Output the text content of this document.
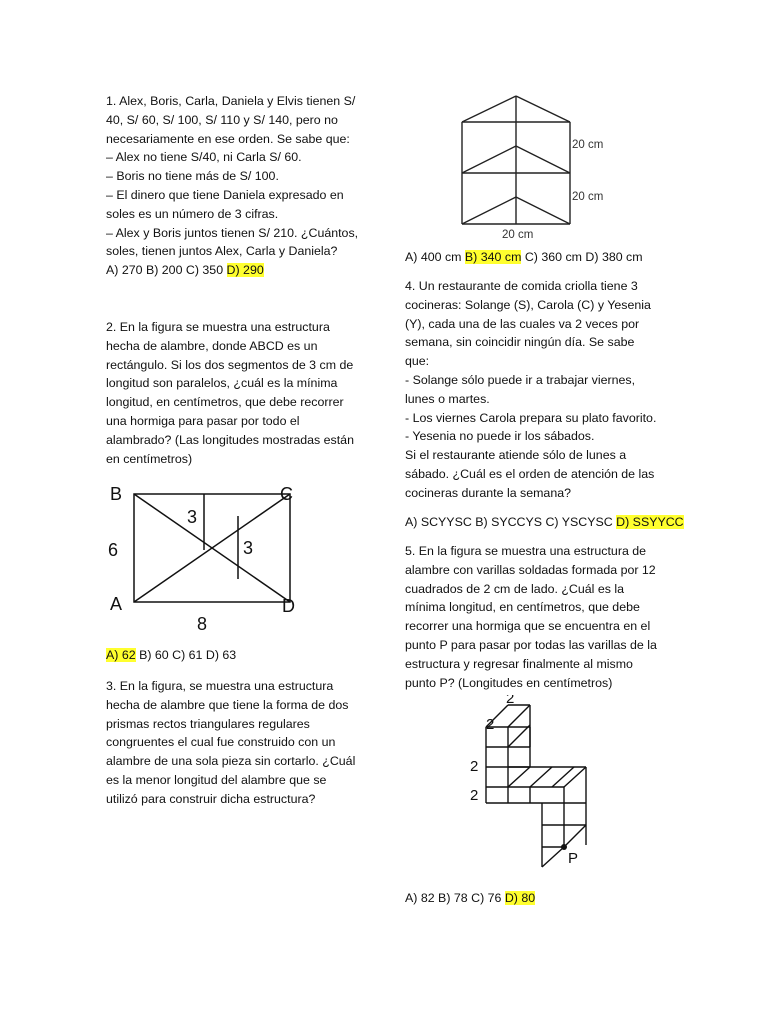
1. Alex, Boris, Carla, Daniela y Elvis tienen S/

40, S/ 60, S/ 100, S/ 110 y S/ 140, pero no

necesariamente en ese orden. Se sabe que:

– Alex no tiene S/40, ni Carla S/ 60.

– Boris no tiene más de S/ 100.

– El dinero que tiene Daniela expresado en

soles es un número de 3 cifras.

– Alex y Boris juntos tienen S/ 210. ¿Cuántos,

soles, tienen juntos Alex, Carla y Daniela?

A) 270 B) 200 C) 350 D) 290

2. En la figura se muestra una estructura

hecha de alambre, donde ABCD es un

rectángulo. Si los dos segmentos de 3 cm de

longitud son paralelos, ¿cuál es la mínima

longitud, en centímetros, que debe recorrer

una hormiga para pasar por todo el

alambrado? (Las longitudes mostradas están

en centímetros)

B	C
A	D
3
3
6
8

A) 62 B) 60 C) 61 D) 63

3. En la figura, se muestra una estructura

hecha de alambre que tiene la forma de dos

prismas rectos triangulares regulares

congruentes el cual fue construido con un

alambre de una sola pieza sin cortarlo. ¿Cuál

es la menor longitud del alambre que se

utilizó para construir dicha estructura?

20 cm
20 cm
20 cm

A) 400 cm B) 340 cm C) 360 cm D) 380 cm

4. Un restaurante de comida criolla tiene 3

cocineras: Solange (S), Carola (C) y Yesenia

(Y), cada una de las cuales va 2 veces por

semana, sin coincidir ningún día. Se sabe

que:

- Solange sólo puede ir a trabajar viernes,

lunes o martes.

- Los viernes Carola prepara su plato favorito.

- Yesenia no puede ir los sábados.

Si el restaurante atiende sólo de lunes a

sábado. ¿Cuál es el orden de atención de las

cocineras durante la semana?

A) SCYYSC B) SYCCYS C) YSCYSC D) SSYYCC

5. En la figura se muestra una estructura de

alambre con varillas soldadas formada por 12

cuadrados de 2 cm de lado. ¿Cuál es la

mínima longitud, en centímetros, que debe

recorrer una hormiga que se encuentra en el

punto P para pasar por todas las varillas de la

estructura y regresar finalmente al mismo

punto P? (Longitudes en centímetros)

2
2
2
2
P

A) 82 B) 78 C) 76 D) 80
